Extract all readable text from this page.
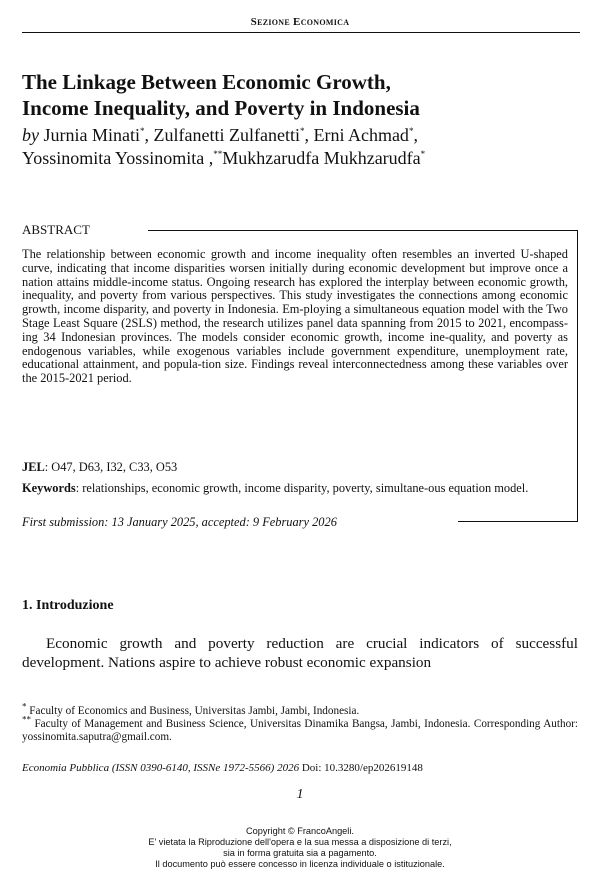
Sezione Economica
The Linkage Between Economic Growth,
Income Inequality, and Poverty in Indonesia
by Jurnia Minati*, Zulfanetti Zulfanetti*, Erni Achmad*,
Yossinomita Yossinomita ,**Mukhzarudfa Mukhzarudfa*
ABSTRACT
The relationship between economic growth and income inequality often resembles an inverted U-shaped curve, indicating that income disparities worsen initially during economic development but improve once a nation attains middle-income status. Ongoing research has explored the interplay between economic growth, inequality, and poverty from various perspectives. This study investigates the connections among economic growth, income disparity, and poverty in Indonesia. Em-ploying a simultaneous equation model with the Two Stage Least Square (2SLS) method, the research utilizes panel data spanning from 2015 to 2021, encompass-ing 34 Indonesian provinces. The models consider economic growth, income ine-quality, and poverty as endogenous variables, while exogenous variables include government expenditure, unemployment rate, educational attainment, and popula-tion size. Findings reveal interconnectedness among these variables over the 2015-2021 period.
JEL: O47, D63, I32, C33, O53
Keywords: relationships, economic growth, income disparity, poverty, simultane-ous equation model.
First submission: 13 January 2025, accepted: 9 February 2026
1. Introduzione
Economic growth and poverty reduction are crucial indicators of successful development. Nations aspire to achieve robust economic expansion
* Faculty of Economics and Business, Universitas Jambi, Jambi, Indonesia.
** Faculty of Management and Business Science, Universitas Dinamika Bangsa, Jambi, Indonesia. Corresponding Author: yossinomita.saputra@gmail.com.
Economia Pubblica (ISSN 0390-6140, ISSNe 1972-5566) 2026 Doi: 10.3280/ep202619148
1
Copyright © FrancoAngeli.
E' vietata la Riproduzione dell'opera e la sua messa a disposizione di terzi,
sia in forma gratuita sia a pagamento.
Il documento può essere concesso in licenza individuale o istituzionale.
